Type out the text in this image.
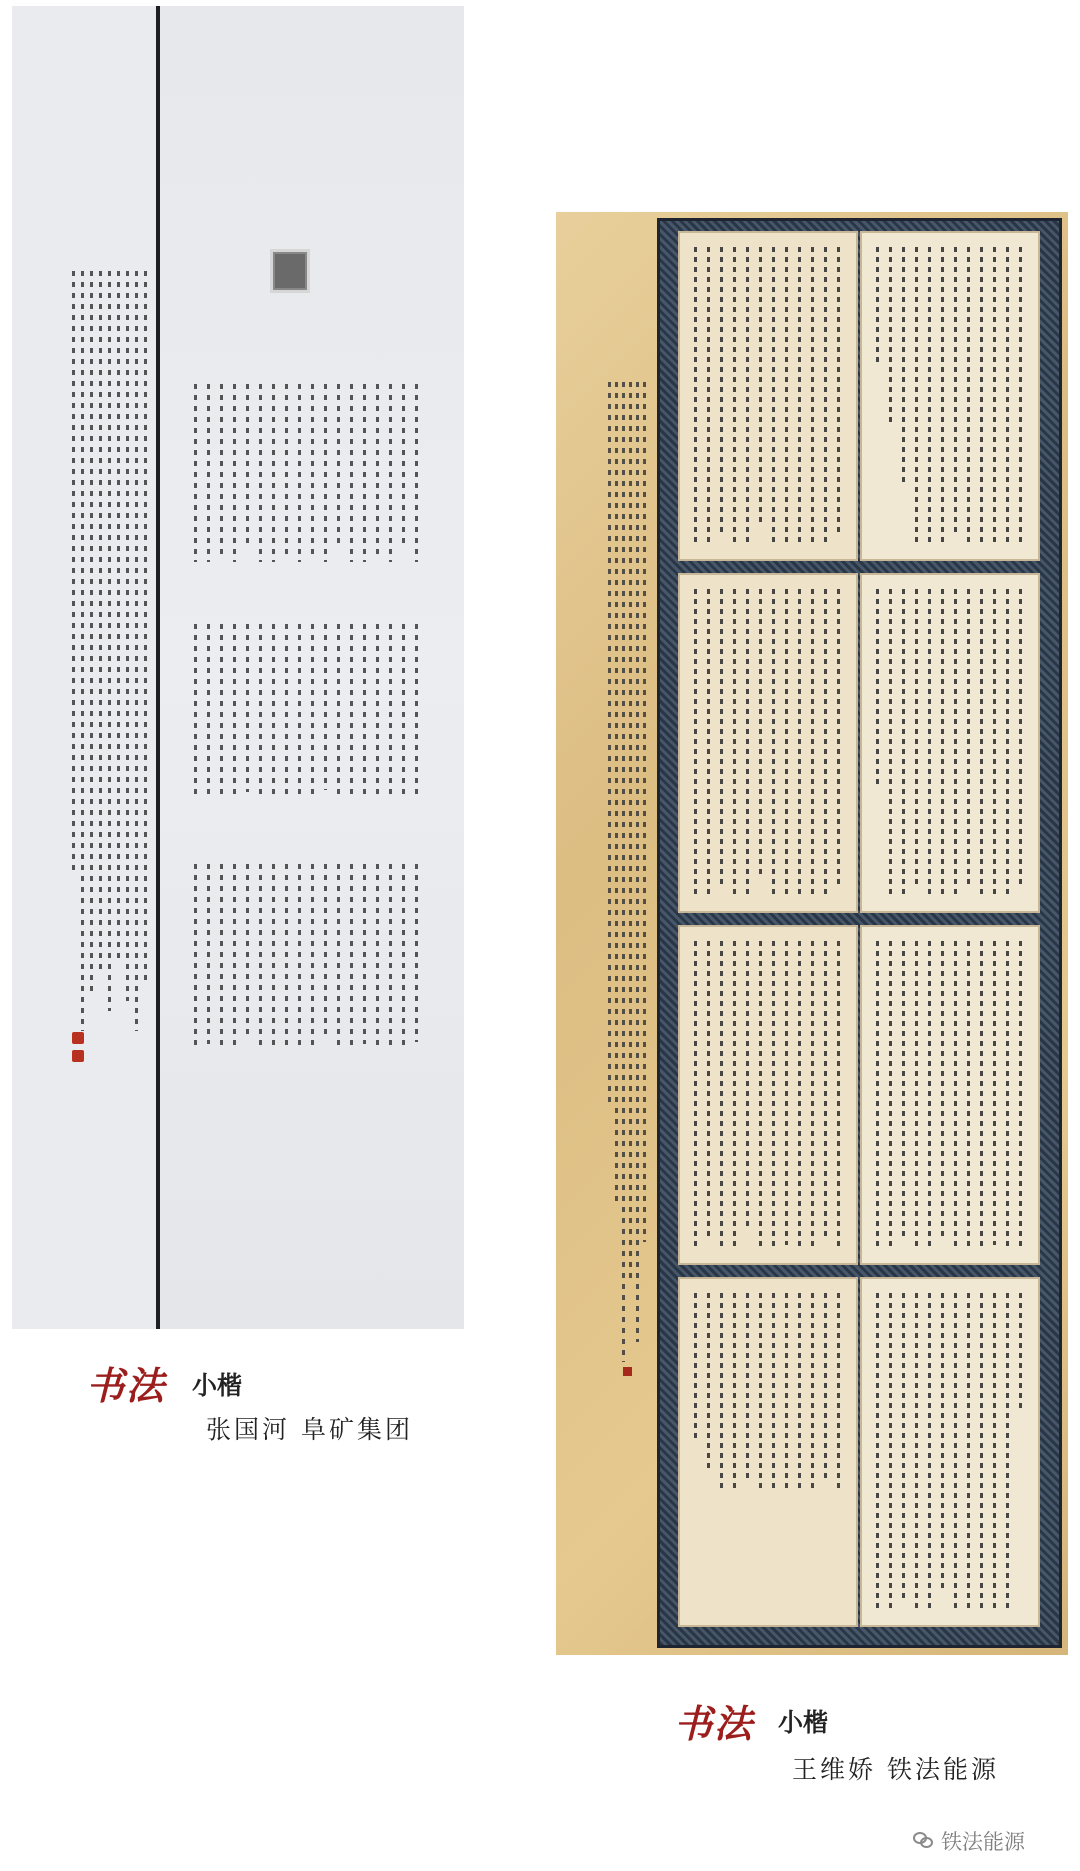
书法 小楷
张国河 阜矿集团
书法 小楷
王维娇 铁法能源
铁法能源
